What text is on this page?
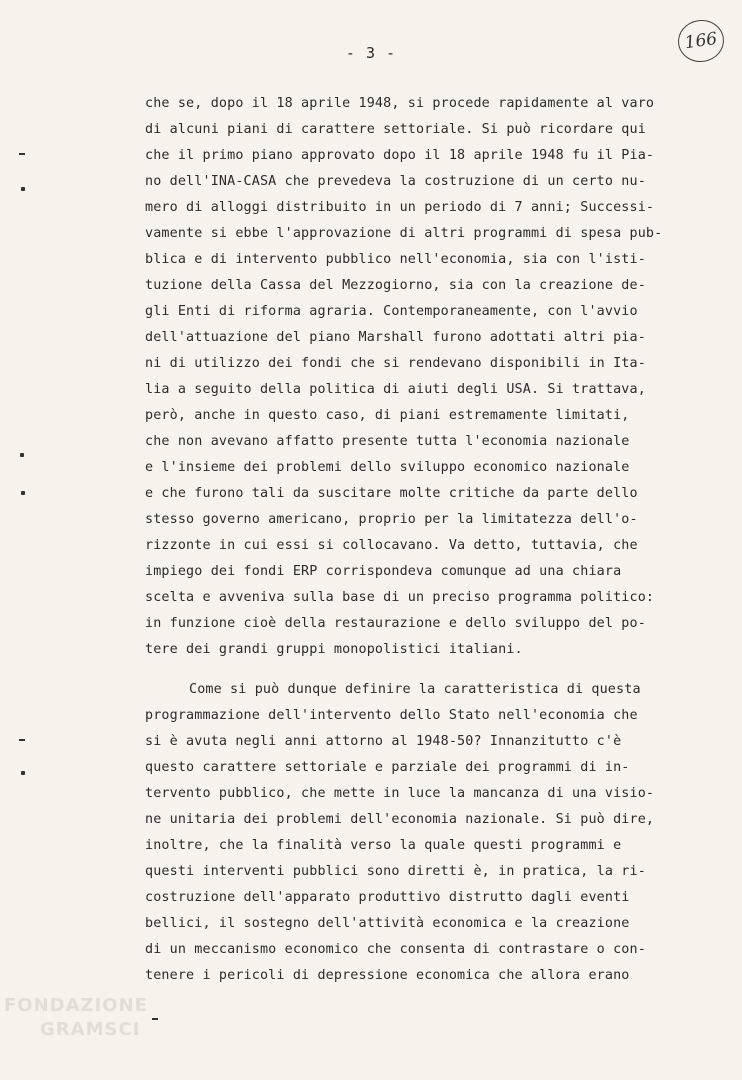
- 3 -	166
che se, dopo il 18 aprile 1948, si procede rapidamente al varo
di alcuni piani di carattere settoriale. Si può ricordare qui
che il primo piano approvato dopo il 18 aprile 1948 fu il Pia-
no dell'INA-CASA che prevedeva la costruzione di un certo nu-
mero di alloggi distribuito in un periodo di 7 anni; Successi-
vamente si ebbe l'approvazione di altri programmi di spesa pub-
blica e di intervento pubblico nell'economia, sia con l'isti-
tuzione della Cassa del Mezzogiorno, sia con la creazione de-
gli Enti di riforma agraria. Contemporaneamente, con l'avvio
dell'attuazione del piano Marshall furono adottati altri pia-
ni di utilizzo dei fondi che si rendevano disponibili in Ita-
lia a seguito della politica di aiuti degli USA. Si trattava,
però, anche in questo caso, di piani estremamente limitati,
che non avevano affatto presente tutta l'economia nazionale
e l'insieme dei problemi dello sviluppo economico nazionale
e che furono tali da suscitare molte critiche da parte dello
stesso governo americano, proprio per la limitatezza dell'o-
rizzonte in cui essi si collocavano. Va detto, tuttavia, che
impiego dei fondi ERP corrispondeva comunque ad una chiara
scelta e avveniva sulla base di un preciso programma politico:
in funzione cioè della restaurazione e dello sviluppo del po-
tere dei grandi gruppi monopolistici italiani.
Come si può dunque definire la caratteristica di questa
programmazione dell'intervento dello Stato nell'economia che
si è avuta negli anni attorno al 1948-50? Innanzitutto c'è
questo carattere settoriale e parziale dei programmi di in-
tervento pubblico, che mette in luce la mancanza di una visio-
ne unitaria dei problemi dell'economia nazionale. Si può dire,
inoltre, che la finalità verso la quale questi programmi e
questi interventi pubblici sono diretti è, in pratica, la ri-
costruzione dell'apparato produttivo distrutto dagli eventi
bellici, il sostegno dell'attività economica e la creazione
di un meccanismo economico che consenta di contrastare o con-
tenere i pericoli di depressione economica che allora erano
FONDAZIONE
GRAMSCI
